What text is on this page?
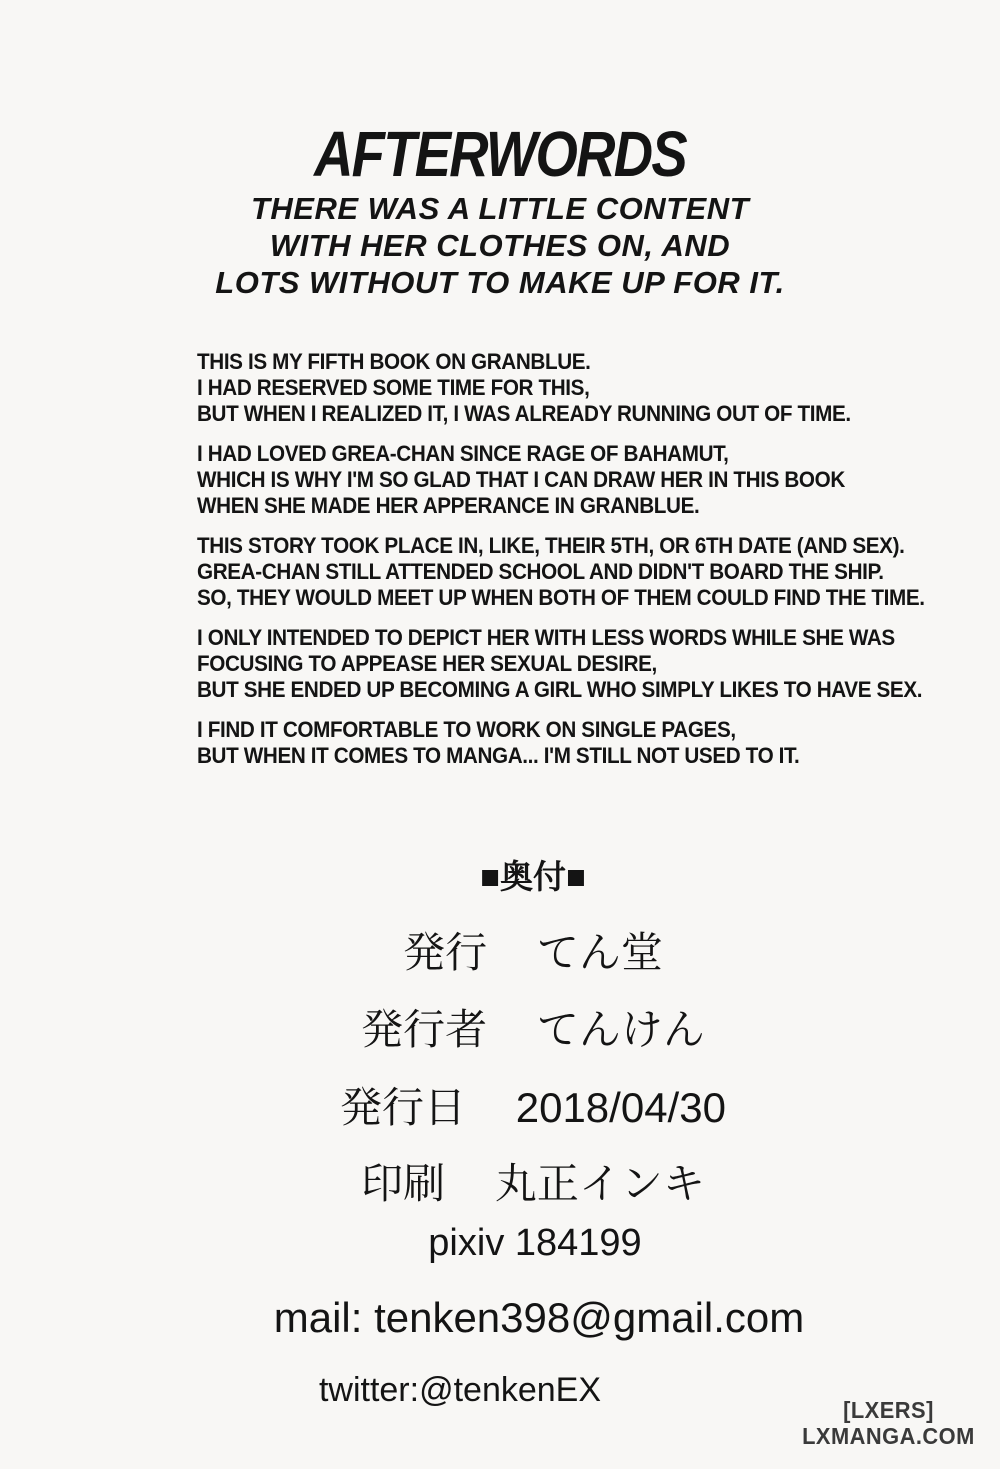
AFTERWORDS
THERE WAS A LITTLE CONTENT
WITH HER CLOTHES ON, AND
LOTS WITHOUT TO MAKE UP FOR IT.

THIS IS MY FIFTH BOOK ON GRANBLUE.
I HAD RESERVED SOME TIME FOR THIS,
BUT WHEN I REALIZED IT, I WAS ALREADY RUNNING OUT OF TIME.

I HAD LOVED GREA-CHAN SINCE RAGE OF BAHAMUT,
WHICH IS WHY I'M SO GLAD THAT I CAN DRAW HER IN THIS BOOK
WHEN SHE MADE HER APPERANCE IN GRANBLUE.

THIS STORY TOOK PLACE IN, LIKE, THEIR 5TH, OR 6TH DATE (AND SEX).
GREA-CHAN STILL ATTENDED SCHOOL AND DIDN'T BOARD THE SHIP.
SO, THEY WOULD MEET UP WHEN BOTH OF THEM COULD FIND THE TIME.

I ONLY INTENDED TO DEPICT HER WITH LESS WORDS WHILE SHE WAS
FOCUSING TO APPEASE HER SEXUAL DESIRE,
BUT SHE ENDED UP BECOMING A GIRL WHO SIMPLY LIKES TO HAVE SEX.

I FIND IT COMFORTABLE TO WORK ON SINGLE PAGES,
BUT WHEN IT COMES TO MANGA... I'M STILL NOT USED TO IT.

■奥付■
発行 てん堂
発行者 てんけん
発行日 2018/04/30
印刷 丸正インキ
pixiv 184199
mail: tenken398@gmail.com
twitter:@tenkenEX
[LXERS]
LXMANGA.COM
